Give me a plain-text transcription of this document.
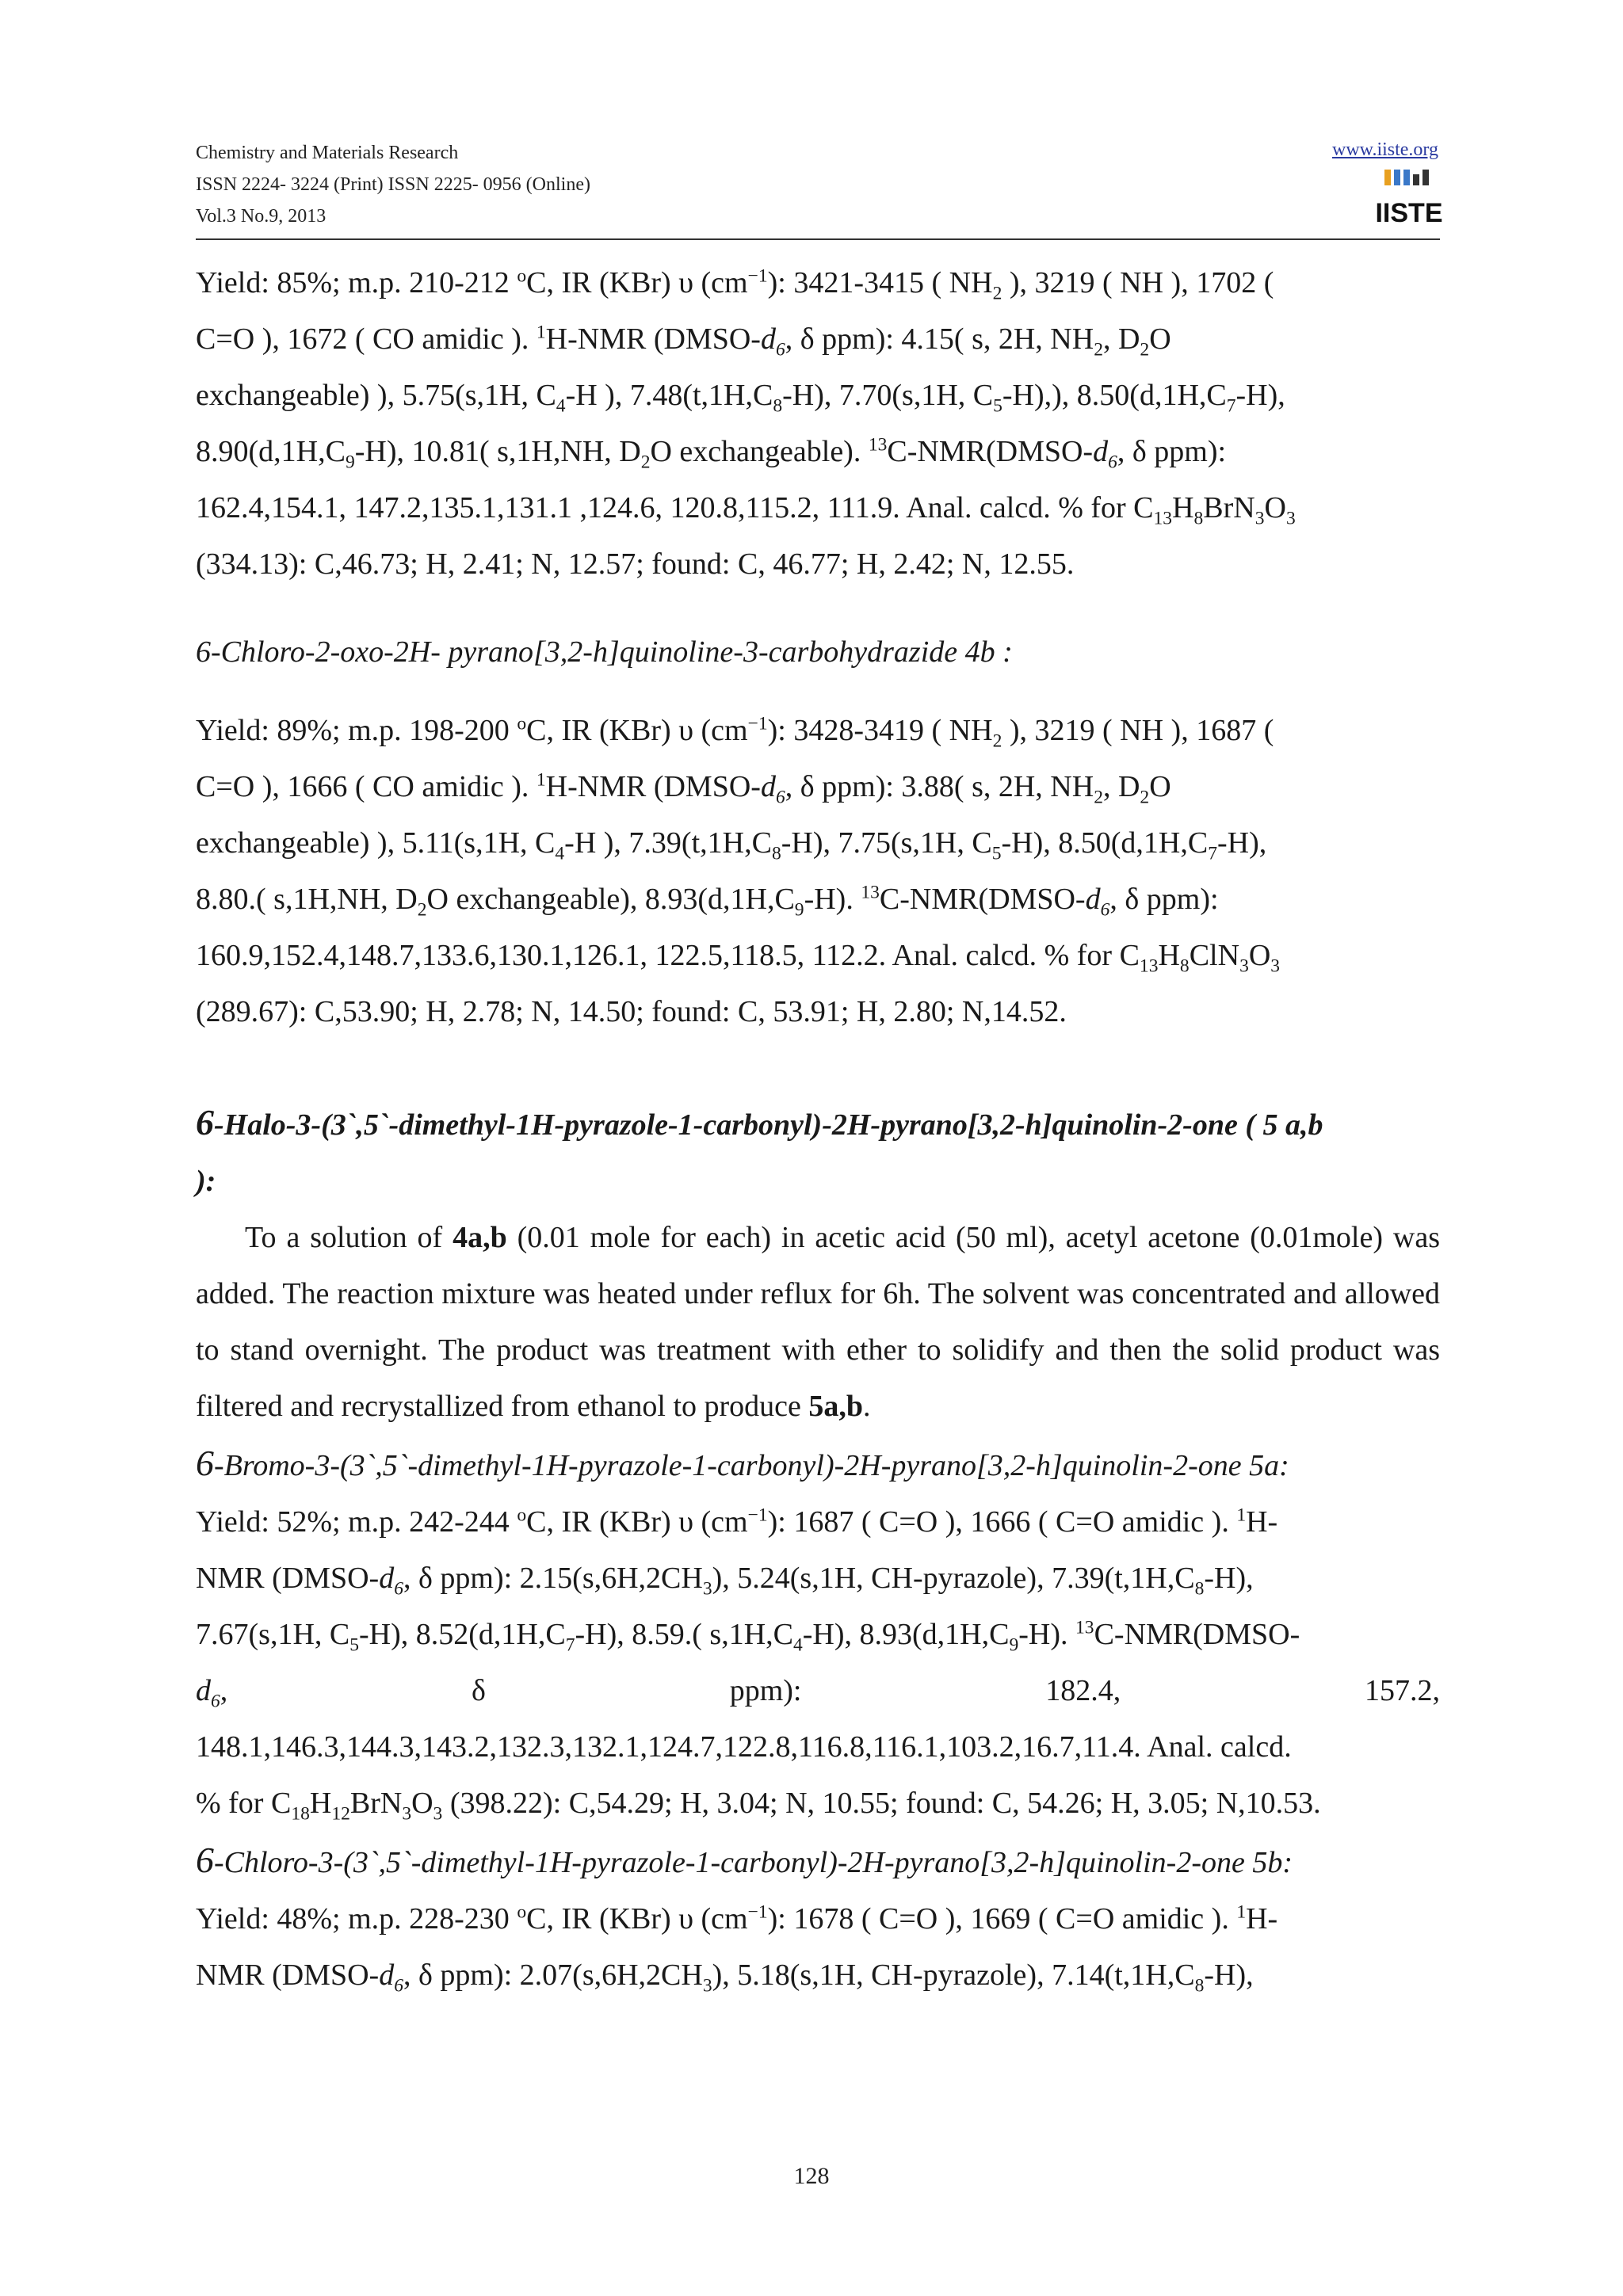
Chemistry and Materials Research
ISSN 2224- 3224 (Print) ISSN 2225- 0956 (Online)
Vol.3 No.9, 2013
www.iiste.org
IISTE

Yield: 85%; m.p. 210-212 $^o$C, IR (KBr) υ $(cm^{-1})$: 3421-3415 ( $NH_2$ ), 3219 ( NH ), 1702 (
C=O ), 1672 ( CO amidic ). $^1$H-NMR ($DMSO-d_6$, δ ppm): 4.15( s, 2H, $NH_2$, $D_2O$
exchangeable) ), 5.75(s,1H, $C_4-H$ ), $7.48(t,1H,C_8-H)$, 7.70(s,1H, $C_5-H$),), $8.50(d,1H,C_7-H)$,
$8.90(d,1H,C_9-H)$, 10.81( s,1H,NH, $D_2O$ exchangeable). $^{13}C-NMR(DMSO-d_6$, δ ppm):
162.4,154.1, 147.2,135.1,131.1 ,124.6, 120.8,115.2, 111.9. Anal. calcd. % for $C_{13}H_8BrN_3O_3$
(334.13): C,46.73; H, 2.41; N, 12.57; found: C, 46.77; H, 2.42; N, 12.55.

6-Chloro-2-oxo-2H- pyrano[3,2-h]quinoline-3-carbohydrazide 4b :

Yield: 89%; m.p. 198-200 $^o$C, IR (KBr) υ $(cm^{-1})$: 3428-3419 ( $NH_2$ ), 3219 ( NH ), 1687 (
C=O ), 1666 ( CO amidic ). $^1$H-NMR ($DMSO-d_6$, δ ppm): 3.88( s, 2H, $NH_2$, $D_2O$
exchangeable) ), 5.11(s,1H, $C_4-H$ ), $7.39(t,1H,C_8-H)$, 7.75(s,1H, $C_5-H$), $8.50(d,1H,C_7-H)$,
8.80.( s,1H,NH, $D_2O$ exchangeable), $8.93(d,1H,C_9-H)$. $^{13}C-NMR(DMSO-d_6$, δ ppm):
160.9,152.4,148.7,133.6,130.1,126.1, 122.5,118.5, 112.2. Anal. calcd. % for $C_{13}H_8ClN_3O_3$
(289.67): C,53.90; H, 2.78; N, 14.50; found: C, 53.91; H, 2.80; N,14.52.

6-Halo-3-(3`,5`-dimethyl-1H-pyrazole-1-carbonyl)-2H-pyrano[3,2-h]quinolin-2-one ( 5 a,b
):

To a solution of 4a,b (0.01 mole for each) in acetic acid (50 ml), acetyl acetone (0.01mole) was added. The reaction mixture was heated under reflux for 6h. The solvent was concentrated and allowed to stand overnight. The product was treatment with ether to solidify and then the solid product was filtered and recrystallized from ethanol to produce 5a,b.

6-Bromo-3-(3`,5`-dimethyl-1H-pyrazole-1-carbonyl)-2H-pyrano[3,2-h]quinolin-2-one 5a:

Yield: 52%; m.p. 242-244 $^o$C, IR (KBr) υ $(cm^{-1})$: 1687 ( C=O ), 1666 ( C=O amidic ). $^1$H-
NMR ($DMSO-d_6$, δ ppm): $2.15(s,6H,2CH_3)$, 5.24(s,1H, CH-pyrazole), $7.39(t,1H,C_8-H)$,
7.67(s,1H, $C_5-H$), $8.52(d,1H,C_7-H)$, 8.59.( $s,1H,C_4-H$), $8.93(d,1H,C_9-H)$. $^{13}$C-NMR(DMSO-

$d_6$,	δ	ppm):	182.4,	157.2,
148.1,146.3,144.3,143.2,132.3,132.1,124.7,122.8,116.8,116.1,103.2,16.7,11.4. Anal. calcd.
% for $C_{18}H_{12}BrN_3O_3$ (398.22): C,54.29; H, 3.04; N, 10.55; found: C, 54.26; H, 3.05; N,10.53.

6-Chloro-3-(3`,5`-dimethyl-1H-pyrazole-1-carbonyl)-2H-pyrano[3,2-h]quinolin-2-one 5b:

Yield: 48%; m.p. 228-230 $^o$C, IR (KBr) υ $(cm^{-1})$: 1678 ( C=O ), 1669 ( C=O amidic ). $^1$H-
NMR ($DMSO-d_6$, δ ppm): $2.07(s,6H,2CH_3)$, 5.18(s,1H, CH-pyrazole), $7.14(t,1H,C_8-H)$,

128
